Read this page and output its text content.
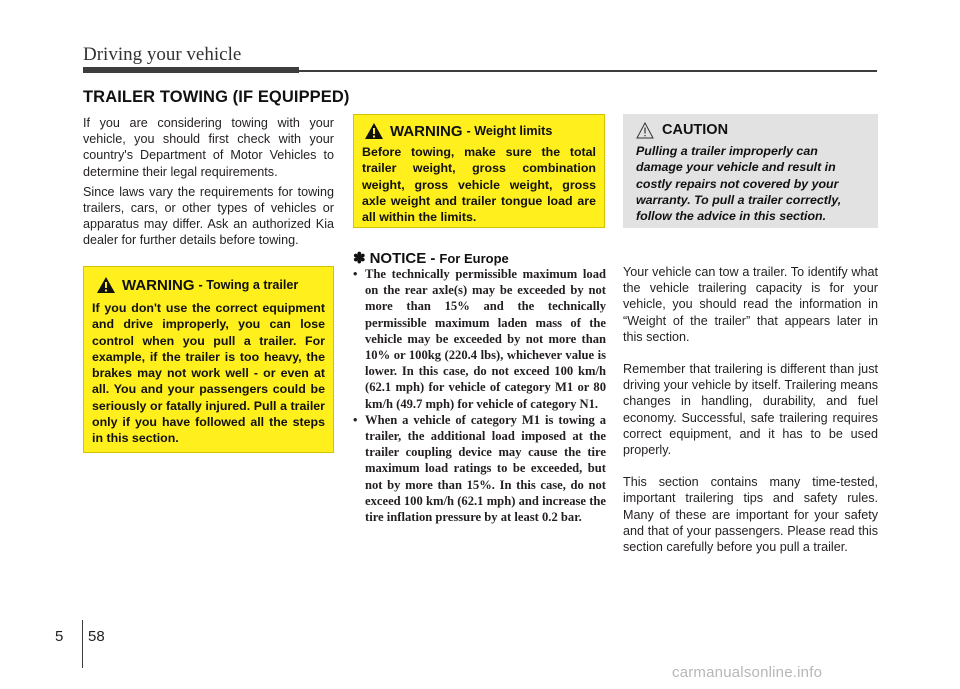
Driving your vehicle
TRAILER TOWING (IF EQUIPPED)

If you are considering towing with your vehicle, you should first check with your country's Department of Motor Vehicles to determine their legal requirements.

Since laws vary the requirements for towing trailers, cars, or other types of vehicles or apparatus may differ. Ask an authorized Kia dealer for further details before towing.

WARNING - Towing a trailer
If you don't use the correct equipment and drive improperly, you can lose control when you pull a trailer. For example, if the trailer is too heavy, the brakes may not work well - or even at all. You and your passengers could be seriously or fatally injured. Pull a trailer only if you have followed all the steps in this section.
WARNING - Weight limits
Before towing, make sure the total trailer weight, gross combination weight, gross vehicle weight, gross axle weight and trailer tongue load are all within the limits.
✽ NOTICE - For Europe
• The technically permissible maximum load on the rear axle(s) may be exceeded by not more than 15% and the technically permissible maximum laden mass of the vehicle may be exceeded by not more than 10% or 100kg (220.4 lbs), whichever value is lower. In this case, do not exceed 100 km/h (62.1 mph) for vehicle of category M1 or 80 km/h (49.7 mph) for vehicle of category N1.
• When a vehicle of category M1 is towing a trailer, the additional load imposed at the trailer coupling device may cause the tire maximum load ratings to be exceeded, but not by more than 15%. In this case, do not exceed 100 km/h (62.1 mph) and increase the tire inflation pressure by at least 0.2 bar.
CAUTION
Pulling a trailer improperly can damage your vehicle and result in costly repairs not covered by your warranty. To pull a trailer correctly, follow the advice in this section.

Your vehicle can tow a trailer. To identify what the vehicle trailering capacity is for your vehicle, you should read the information in “Weight of the trailer” that appears later in this section.

Remember that trailering is different than just driving your vehicle by itself. Trailering means changes in handling, durability, and fuel economy. Successful, safe trailering requires correct equipment, and it has to be used properly.

This section contains many time-tested, important trailering tips and safety rules. Many of these are important for your safety and that of your passengers. Please read this section carefully before you pull a trailer.

5 58
carmanualsonline.info
